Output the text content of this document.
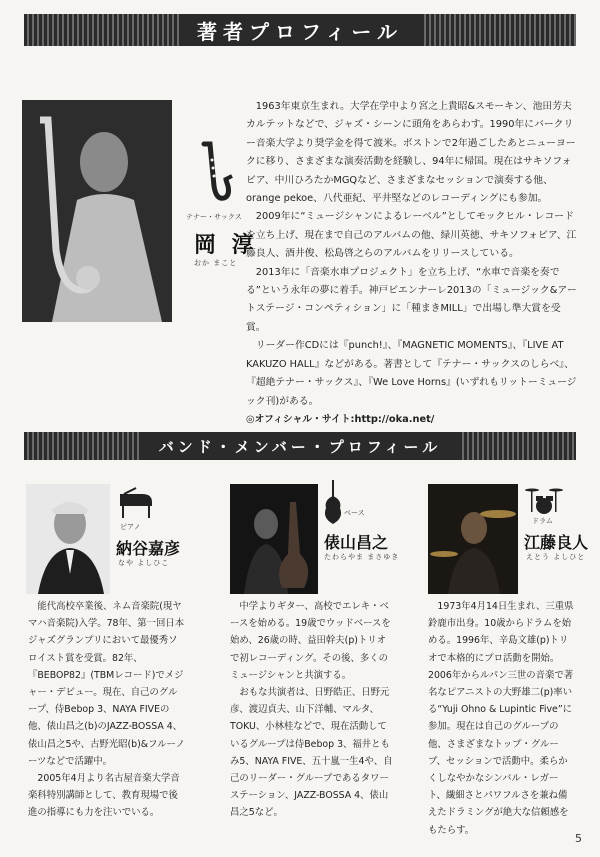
著者プロフィール
テナー・サックス
岡 淳
おか まこと

1963年東京生まれ。大学在学中より宮之上貴昭&スモーキン、池田芳夫カルテットなどで、ジャズ・シーンに頭角をあらわす。1990年にバークリー音楽大学より奨学金を得て渡米。ボストンで2年過ごしたあとニューヨークに移り、さまざまな演奏活動を経験し、94年に帰国。現在はサキソフォビア、中川ひろたかMGQなど、さまざまなセッションで演奏する他、orange pekoe、八代亜紀、平井堅などのレコーディングにも参加。

2009年に“ミュージシャンによるレーベル”としてモックヒル・レコードを立ち上げ、現在まで自己のアルバムの他、緑川英徳、サキソフォビア、江藤良人、酒井俊、松島啓之らのアルバムをリリースしている。

2013年に「音楽水車プロジェクト」を立ち上げ、“水車で音楽を奏でる”という永年の夢に着手。神戸ビエンナーレ2013の「ミュージック&アートステージ・コンペティション」に「種まきMILL」で出場し準大賞を受賞。

リーダー作CDには『punch!』、『MAGNETIC MOMENTS』、『LIVE AT KAKUZO HALL』などがある。著書として『テナー・サックスのしらべ』、『超絶テナー・サックス』、『We Love Horns』(いずれもリットーミュージック刊)がある。

◎オフィシャル・サイト:http://oka.net/
バンド・メンバー・プロフィール
ピアノ
納谷嘉彦
なや よしひこ

能代高校卒業後、ネム音楽院(現ヤマハ音楽院)入学。78年、第一回日本ジャズグランプリにおいて最優秀ソロイスト賞を受賞。82年、『BEBOP82』(TBMレコード)でメジャー・デビュー。現在、自己のグループ、侍Bebop 3、NAYA FIVEの他、俵山昌之(b)のJAZZ-BOSSA 4、俵山昌之5や、古野光昭(b)&フルーノーツなどで活躍中。

2005年4月より名古屋音楽大学音楽科特別講師として、教育現場で後進の指導にも力を注いでいる。

ベース
俵山昌之
たわらやま まさゆき

中学よりギター、高校でエレキ・ベースを始める。19歳でウッドベースを始め、26歳の時、益田幹夫(p)トリオで初レコーディング。その後、多くのミュージシャンと共演する。

おもな共演者は、日野皓正、日野元彦、渡辺貞夫、山下洋輔、マルタ、TOKU、小林桂などで、現在活動しているグループは侍Bebop 3、福井ともみ5、NAYA FIVE、五十嵐一生4や、自己のリーダー・グループであるタワーステーション、JAZZ-BOSSA 4、俵山昌之5など。

ドラム
江藤良人
えとう よしひと

1973年4月14日生まれ、三重県鈴鹿市出身。10歳からドラムを始める。1996年、辛島文雄(p)トリオで本格的にプロ活動を開始。2006年からルパン三世の音楽で著名なピアニストの大野雄二(p)率いる“Yuji Ohno & Lupintic Five”に参加。現在は自己のグループの他、さまざまなトップ・グループ、セッションで活動中。柔らかくしなやかなシンバル・レガート、繊細さとパワフルさを兼ね備えたドラミングが絶大な信頼感をもたらす。

5
